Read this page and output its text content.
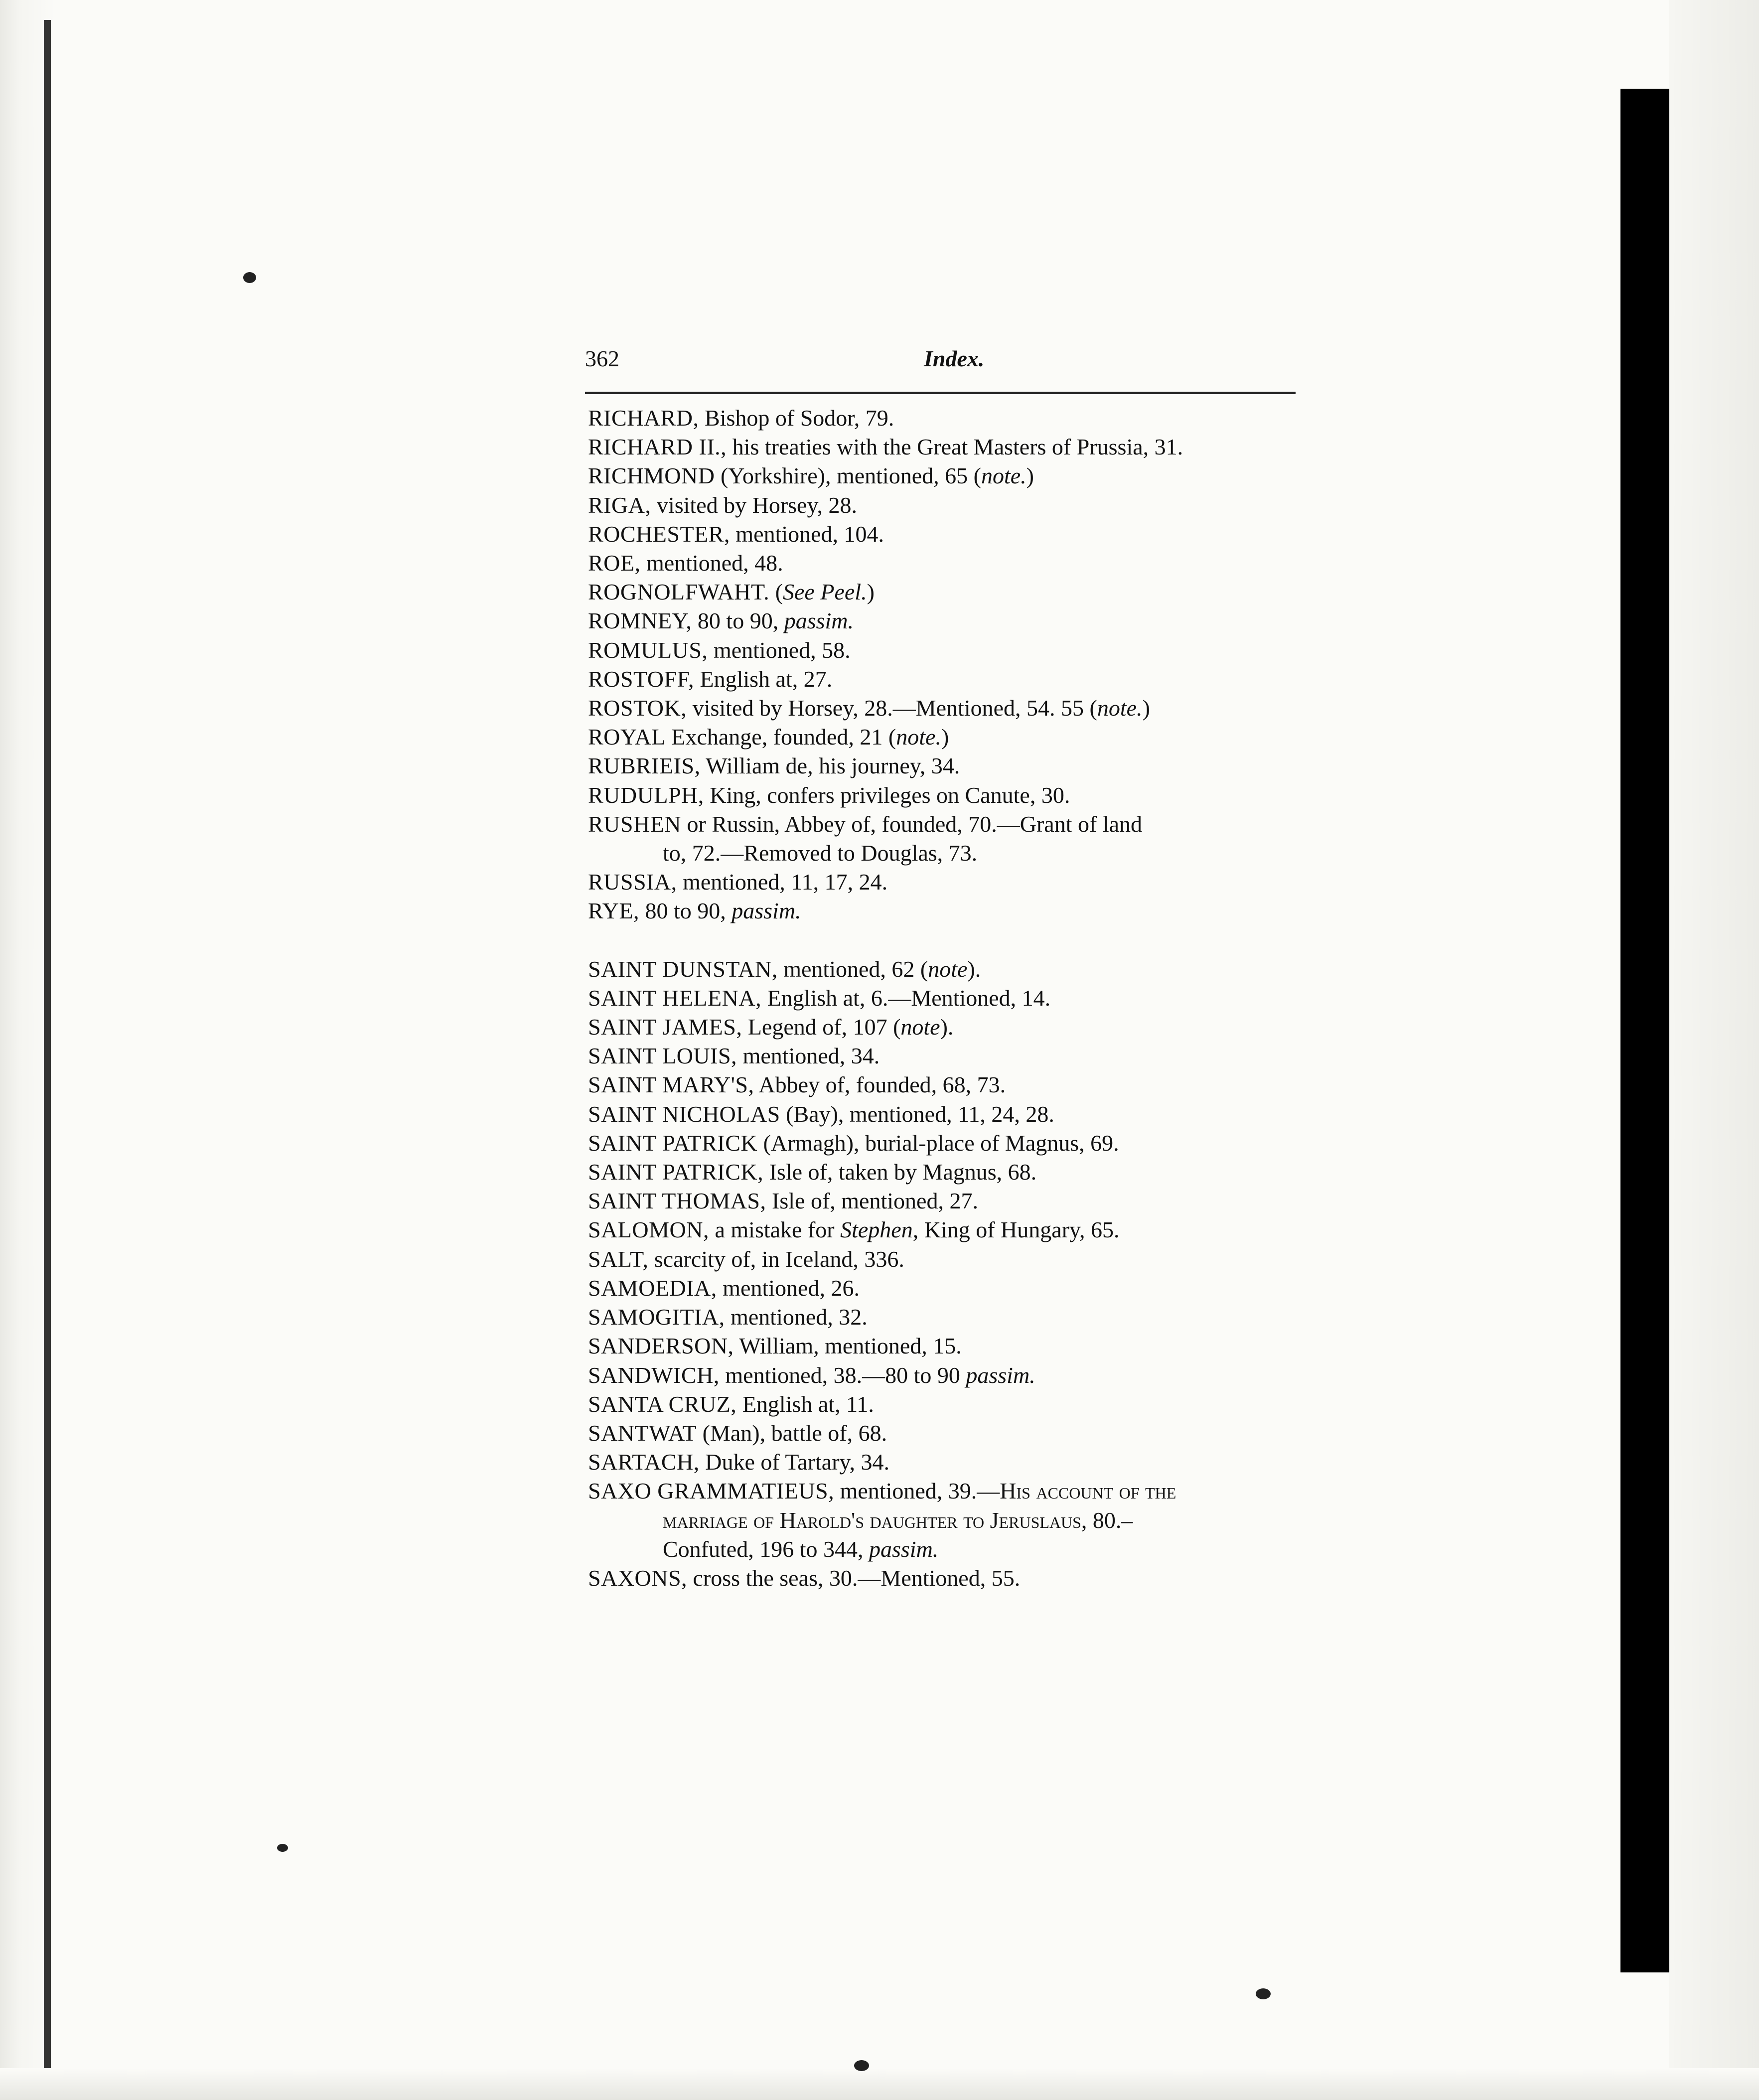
362	Index.
RICHARD, Bishop of Sodor, 79.
RICHARD II., his treaties with the Great Masters of Prussia, 31.
RICHMOND (Yorkshire), mentioned, 65 (note.)
RIGA, visited by Horsey, 28.
ROCHESTER, mentioned, 104.
ROE, mentioned, 48.
ROGNOLFWAHT. (See Peel.)
ROMNEY, 80 to 90, passim.
ROMULUS, mentioned, 58.
ROSTOFF, English at, 27.
ROSTOK, visited by Horsey, 28.—Mentioned, 54. 55 (note.)
ROYAL Exchange, founded, 21 (note.)
RUBRIEIS, William de, his journey, 34.
RUDULPH, King, confers privileges on Canute, 30.
RUSHEN or Russin, Abbey of, founded, 70.—Grant of land
to, 72.—Removed to Douglas, 73.
RUSSIA, mentioned, 11, 17, 24.
RYE, 80 to 90, passim.
SAINT DUNSTAN, mentioned, 62 (note).
SAINT HELENA, English at, 6.—Mentioned, 14.
SAINT JAMES, Legend of, 107 (note).
SAINT LOUIS, mentioned, 34.
SAINT MARY'S, Abbey of, founded, 68, 73.
SAINT NICHOLAS (Bay), mentioned, 11, 24, 28.
SAINT PATRICK (Armagh), burial-place of Magnus, 69.
SAINT PATRICK, Isle of, taken by Magnus, 68.
SAINT THOMAS, Isle of, mentioned, 27.
SALOMON, a mistake for Stephen, King of Hungary, 65.
SALT, scarcity of, in Iceland, 336.
SAMOEDIA, mentioned, 26.
SAMOGITIA, mentioned, 32.
SANDERSON, William, mentioned, 15.
SANDWICH, mentioned, 38.—80 to 90 passim.
SANTA CRUZ, English at, 11.
SANTWAT (Man), battle of, 68.
SARTACH, Duke of Tartary, 34.
SAXO GRAMMATIEUS, mentioned, 39.—His account of the
marriage of Harold's daughter to Jeruslaus, 80.–
Confuted, 196 to 344, passim.
SAXONS, cross the seas, 30.—Mentioned, 55.
